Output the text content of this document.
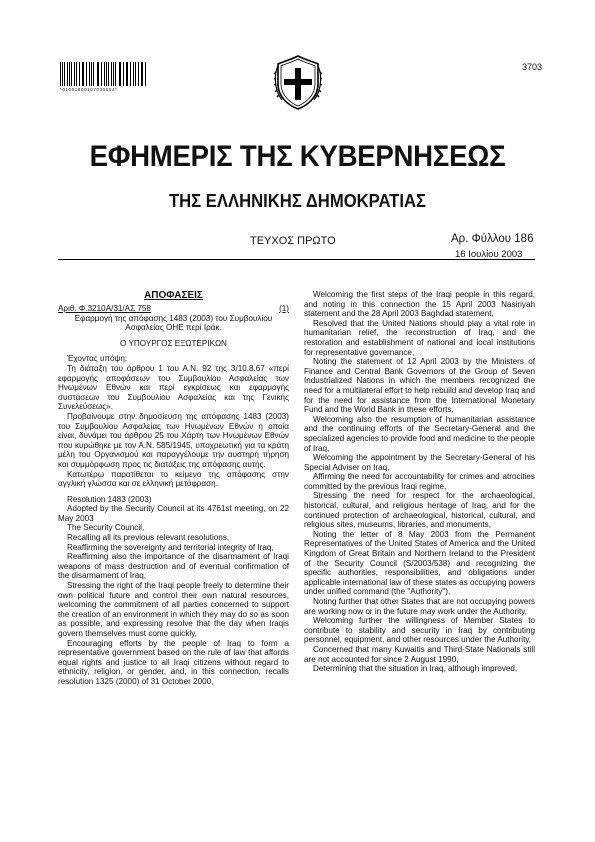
3703
*01001860107030004*
ΕΦΗΜΕΡΙΣ ΤΗΣ ΚΥΒΕΡΝΗΣΕΩΣ
ΤΗΣ ΕΛΛΗΝΙΚΗΣ ΔΗΜΟΚΡΑΤΙΑΣ
ΤΕΥΧΟΣ ΠΡΩΤΟ	Αρ. Φύλλου 186
16 Ιουλίου 2003

ΑΠΟΦΑΣΕΙΣ

Αριθ. Φ.3210Α/31/ΑΣ 758	(1)

Εφαρμογή της απόφασης 1483 (2003) του Συμβουλίου Ασφαλείας ΟΗΕ περί Ιράκ.

Ο ΥΠΟΥΡΓΟΣ ΕΞΩΤΕΡΙΚΩΝ

Έχοντας υπόψη:

Τη διάταξη του άρθρου 1 του Α.Ν. 92 της 3/10.8.67 «περί εφαρμογής αποφάσεων του Συμβουλίου Ασφαλείας των Ηνωμένων Εθνών και περί εγκρίσεως και εφαρμογής συστάσεων του Συμβουλίου Ασφαλείας και της Γενικής Συνελεύσεως».

Προβαίνουμε στην δημοσίευση της απόφασης 1483 (2003) του Συμβουλίου Ασφαλείας των Ηνωμένων Εθνών η οποία είναι, δυνάμει του άρθρου 25 του Χάρτη των Ηνωμένων Εθνών που κυρώθηκε με τον Α.Ν. 585/1945, υποχρεωτική για τα κράτη μέλη του Οργανισμού και παραγγέλουμε την αυστηρή τήρηση και συμμόρφωση προς τις διατάξεις της απόφασης αυτής.

Κατωτέρω παρατίθεται το κείμενο της απόφασης στην αγγλική γλώσσα και σε ελληνική μετάφραση.

Resolution 1483 (2003)

Adopted by the Security Council at its 4761st meeting, on 22 May 2003

The Security Council,

Recalling all its previous relevant resolutions,

Reaffirming the sovereignty and territorial integrity of Iraq,

Reaffirming also the importance of the disarmament of Iraqi weapons of mass destruction and of eventual confirmation of the disarmament of Iraq,

Stressing the right of the Iraqi people freely to determine their own political future and control their own natural resources, welcoming the commitment of all parties concerned to support the creation of an environment in which they may do so as soon as possible, and expressing resolve that the day when Iraqis govern themselves must come quickly,

Encouraging efforts by the people of Iraq to form a representative government based on the rule of law that affords equal rights and justice to all Iraqi citizens without regard to ethnicity, religion, or gender, and, in this connection, recalls resolution 1325 (2000) of 31 October 2000,

Welcoming the first steps of the Iraqi people in this regard, and noting in this connection the 15 April 2003 Nasiriyah statement and the 28 April 2003 Baghdad statement,

Resolved that the United Nations should play a vital role in humanitarian relief, the reconstruction of Iraq, and the restoration and establishment of national and local institutions for representative governance,

Noting the statement of 12 April 2003 by the Ministers of Finance and Central Bank Governors of the Group of Seven Industrialized Nations in which the members recognized the need for a multilateral effort to help rebuild and develop Iraq and for the need for assistance from the International Monetary Fund and the World Bank in these efforts,

Welcoming also the resumption of humanitarian assistance and the continuing efforts of the Secretary-General and the specialized agencies to provide food and medicine to the people of Iraq,

Welcoming the appointment by the Secretary-General of his Special Adviser on Iraq,

Affirming the need for accountability for crimes and atrocities committed by the previous Iraqi regime,

Stressing the need for respect for the archaeological, historical, cultural, and religious heritage of Iraq, and for the continued protection of archaeological, historical, cultural, and religious sites, museums, libraries, and monuments,

Noting the letter of 8 May 2003 from the Permanent Representatives of the United States of America and the United Kingdom of Great Britain and Northern Ireland to the President of the Security Council (S/2003/538) and recognizing the specific authorities, responsibilities, and obligations under applicable international law of these states as occupying powers under unified command (the "Authority"),

Noting further that other States that are not occupying powers are working now or in the future may work under the Authority,

Welcoming further the willingness of Member States to contribute to stability and security in Iraq by contributing personnel, equipment, and other resources under the Authority,

Concerned that many Kuwaitis and Third-State Nationals still are not accounted for since 2 August 1990,

Determining that the situation in Iraq, although improved,
